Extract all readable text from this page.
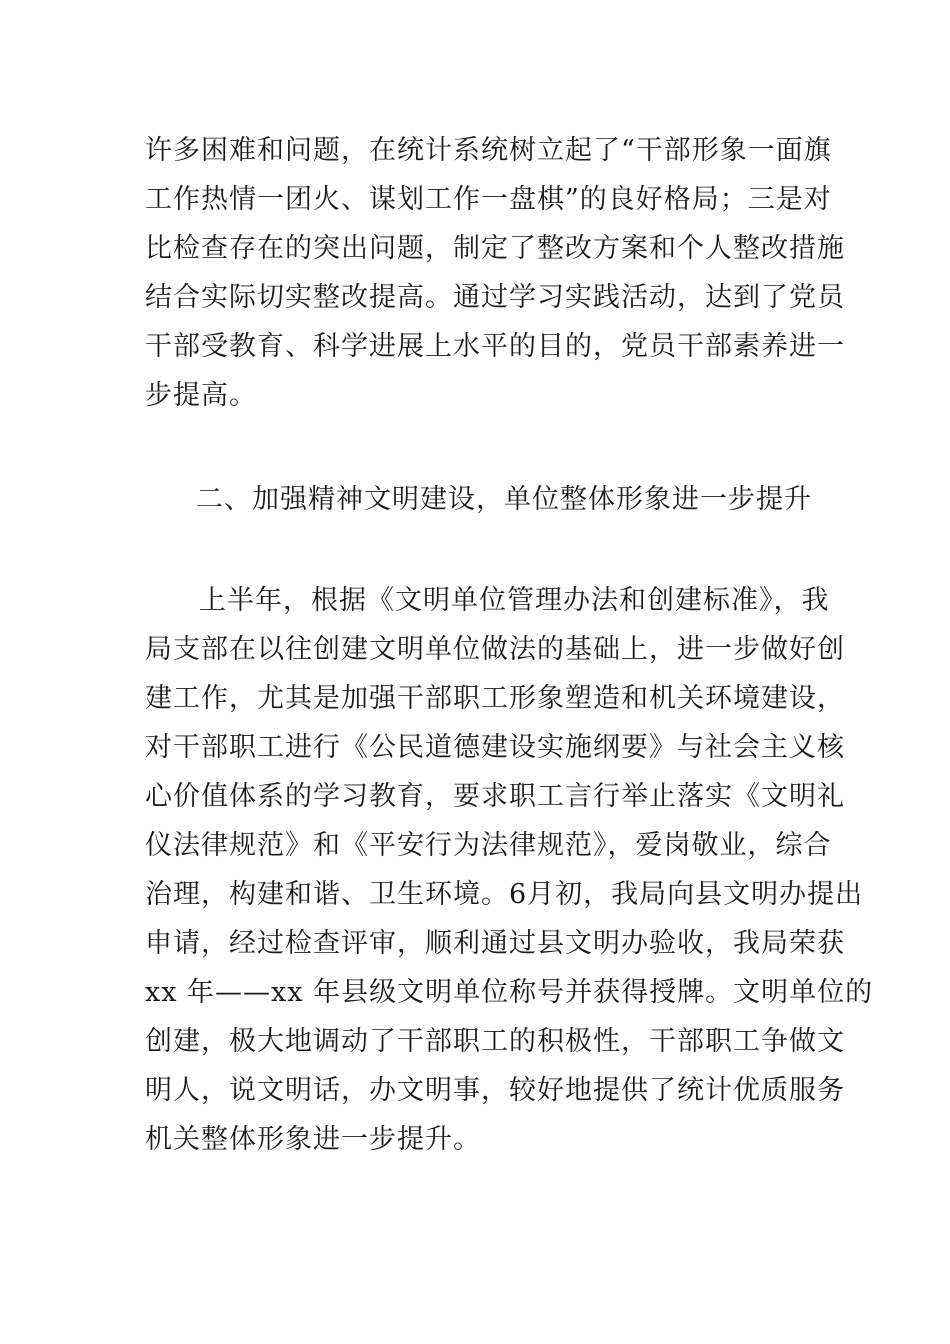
许多困难和问题，在统计系统树立起了“干部形象一面旗
工作热情一团火、谋划工作一盘棋”的良好格局；三是对
比检查存在的突出问题，制定了整改方案和个人整改措施
结合实际切实整改提高。通过学习实践活动，达到了党员
干部受教育、科学进展上水平的目的，党员干部素养进一
步提高。
二、加强精神文明建设，单位整体形象进一步提升
上半年，根据《文明单位管理办法和创建标准》，我
局支部在以往创建文明单位做法的基础上，进一步做好创
建工作，尤其是加强干部职工形象塑造和机关环境建设，
对干部职工进行《公民道德建设实施纲要》与社会主义核
心价值体系的学习教育，要求职工言行举止落实《文明礼
仪法律规范》和《平安行为法律规范》，爱岗敬业，综合
治理，构建和谐、卫生环境。6月初，我局向县文明办提出
申请，经过检查评审，顺利通过县文明办验收，我局荣获
xx 年——xx 年县级文明单位称号并获得授牌。文明单位的
创建，极大地调动了干部职工的积极性，干部职工争做文
明人，说文明话，办文明事，较好地提供了统计优质服务
机关整体形象进一步提升。
